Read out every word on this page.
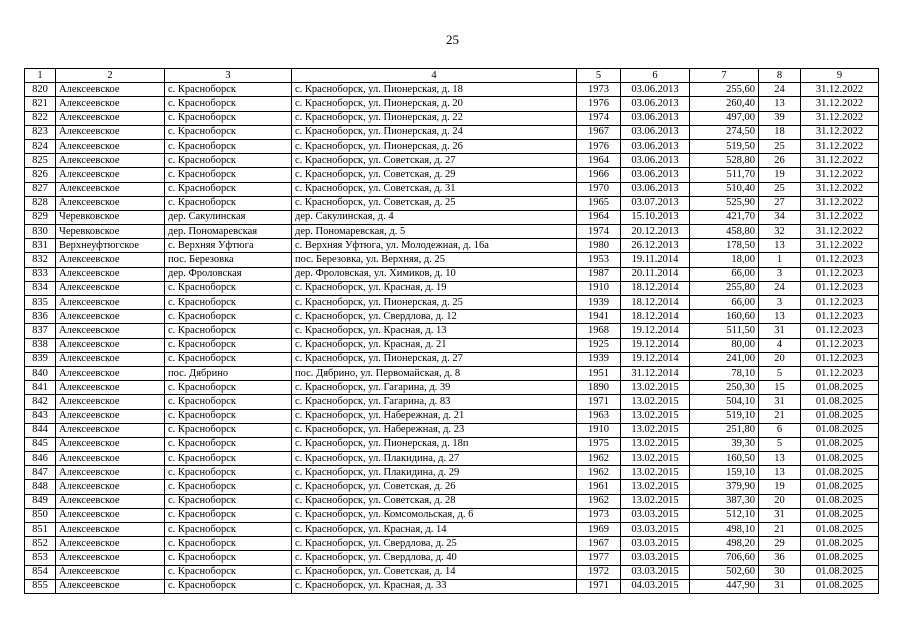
25
1	2	3	4	5	6	7	8	9
820	Алексеевское	с. Красноборск	с. Красноборск, ул. Пионерская, д. 18	1973	03.06.2013	255,60	24	31.12.2022
821	Алексеевское	с. Красноборск	с. Красноборск, ул. Пионерская, д. 20	1976	03.06.2013	260,40	13	31.12.2022
822	Алексеевское	с. Красноборск	с. Красноборск, ул. Пионерская, д. 22	1974	03.06.2013	497,00	39	31.12.2022
823	Алексеевское	с. Красноборск	с. Красноборск, ул. Пионерская, д. 24	1967	03.06.2013	274,50	18	31.12.2022
824	Алексеевское	с. Красноборск	с. Красноборск, ул. Пионерская, д. 26	1976	03.06.2013	519,50	25	31.12.2022
825	Алексеевское	с. Красноборск	с. Красноборск, ул. Советская, д. 27	1964	03.06.2013	528,80	26	31.12.2022
826	Алексеевское	с. Красноборск	с. Красноборск, ул. Советская, д. 29	1966	03.06.2013	511,70	19	31.12.2022
827	Алексеевское	с. Красноборск	с. Красноборск, ул. Советская, д. 31	1970	03.06.2013	510,40	25	31.12.2022
828	Алексеевское	с. Красноборск	с. Красноборск, ул. Советская, д. 25	1965	03.07.2013	525,90	27	31.12.2022
829	Черевковское	дер. Сакулинская	дер. Сакулинская, д. 4	1964	15.10.2013	421,70	34	31.12.2022
830	Черевковское	дер. Пономаревская	дер. Пономаревская, д. 5	1974	20.12.2013	458,80	32	31.12.2022
831	Верхнеуфтюгское	с. Верхняя Уфтюга	с. Верхняя Уфтюга, ул. Молодежная, д. 16а	1980	26.12.2013	178,50	13	31.12.2022
832	Алексеевское	пос. Березовка	пос. Березовка, ул. Верхняя, д. 25	1953	19.11.2014	18,00	1	01.12.2023
833	Алексеевское	дер. Фроловская	дер. Фроловская, ул. Химиков, д. 10	1987	20.11.2014	66,00	3	01.12.2023
834	Алексеевское	с. Красноборск	с. Красноборск, ул. Красная, д. 19	1910	18.12.2014	255,80	24	01.12.2023
835	Алексеевское	с. Красноборск	с. Красноборск, ул. Пионерская, д. 25	1939	18.12.2014	66,00	3	01.12.2023
836	Алексеевское	с. Красноборск	с. Красноборск, ул. Свердлова, д. 12	1941	18.12.2014	160,60	13	01.12.2023
837	Алексеевское	с. Красноборск	с. Красноборск, ул. Красная, д. 13	1968	19.12.2014	511,50	31	01.12.2023
838	Алексеевское	с. Красноборск	с. Красноборск, ул. Красная, д. 21	1925	19.12.2014	80,00	4	01.12.2023
839	Алексеевское	с. Красноборск	с. Красноборск, ул. Пионерская, д. 27	1939	19.12.2014	241,00	20	01.12.2023
840	Алексеевское	пос. Дябрино	пос. Дябрино, ул. Первомайская, д. 8	1951	31.12.2014	78,10	5	01.12.2023
841	Алексеевское	с. Красноборск	с. Красноборск, ул. Гагарина, д. 39	1890	13.02.2015	250,30	15	01.08.2025
842	Алексеевское	с. Красноборск	с. Красноборск, ул. Гагарина, д. 83	1971	13.02.2015	504,10	31	01.08.2025
843	Алексеевское	с. Красноборск	с. Красноборск, ул. Набережная, д. 21	1963	13.02.2015	519,10	21	01.08.2025
844	Алексеевское	с. Красноборск	с. Красноборск, ул. Набережная, д. 23	1910	13.02.2015	251,80	6	01.08.2025
845	Алексеевское	с. Красноборск	с. Красноборск, ул. Пионерская, д. 18п	1975	13.02.2015	39,30	5	01.08.2025
846	Алексеевское	с. Красноборск	с. Красноборск, ул. Плакидина, д. 27	1962	13.02.2015	160,50	13	01.08.2025
847	Алексеевское	с. Красноборск	с. Красноборск, ул. Плакидина, д. 29	1962	13.02.2015	159,10	13	01.08.2025
848	Алексеевское	с. Красноборск	с. Красноборск, ул. Советская, д. 26	1961	13.02.2015	379,90	19	01.08.2025
849	Алексеевское	с. Красноборск	с. Красноборск, ул. Советская, д. 28	1962	13.02.2015	387,30	20	01.08.2025
850	Алексеевское	с. Красноборск	с. Красноборск, ул. Комсомольская, д. 6	1973	03.03.2015	512,10	31	01.08.2025
851	Алексеевское	с. Красноборск	с. Красноборск, ул. Красная, д. 14	1969	03.03.2015	498,10	21	01.08.2025
852	Алексеевское	с. Красноборск	с. Красноборск, ул. Свердлова, д. 25	1967	03.03.2015	498,20	29	01.08.2025
853	Алексеевское	с. Красноборск	с. Красноборск, ул. Свердлова, д. 40	1977	03.03.2015	706,60	36	01.08.2025
854	Алексеевское	с. Красноборск	с. Красноборск, ул. Советская, д. 14	1972	03.03.2015	502,60	30	01.08.2025
855	Алексеевское	с. Красноборск	с. Красноборск, ул. Красная, д. 33	1971	04.03.2015	447,90	31	01.08.2025
